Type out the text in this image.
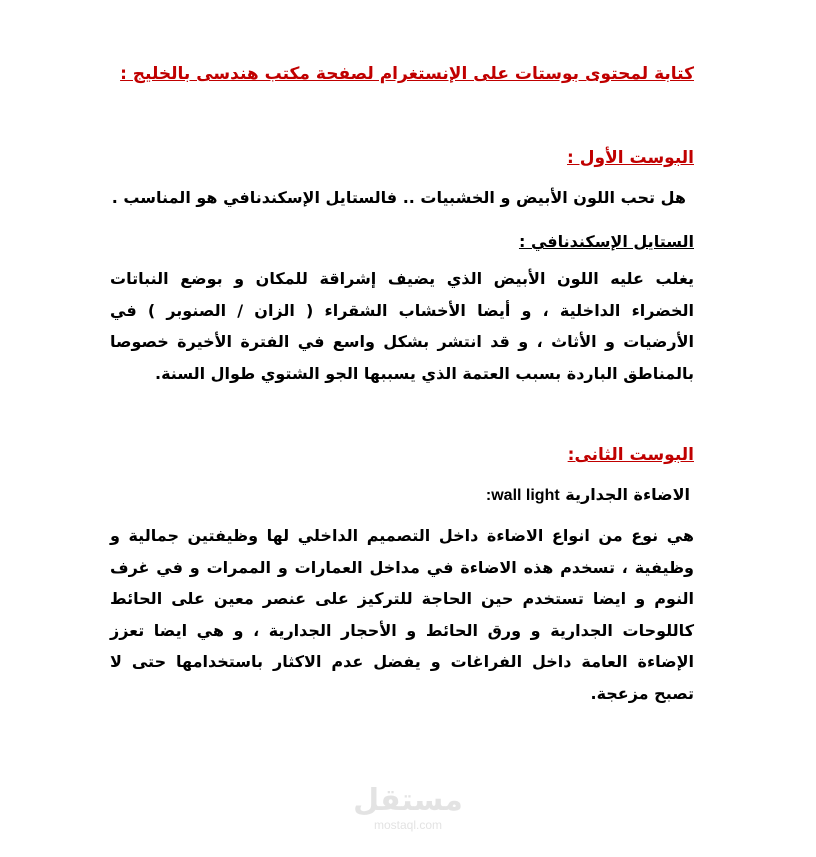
كتابة لمحتوى بوستات على الإنستغرام لصفحة مكتب هندسى بالخليج :
البوست الأول :
هل تحب اللون الأبيض و الخشبيات .. فالستايل الإسكندنافي هو المناسب .
الستايل الإسكندنافي :
يغلب عليه اللون الأبيض الذي يضيف إشراقة للمكان و بوضع النباتات الخضراء الداخلية ، و أيضا الأخشاب الشقراء ( الزان / الصنوبر ) في الأرضيات و الأثاث ، و قد انتشر بشكل واسع في الفترة الأخيرة خصوصا بالمناطق الباردة بسبب العتمة الذي يسببها الجو الشتوي طوال السنة.
البوست الثانى:
الاضاءة الجدارية wall light:
هي نوع من انواع الاضاءة داخل التصميم الداخلي لها وظيفتين جمالية و وظيفية ، تسخدم هذه الاضاءة في مداخل العمارات و الممرات و في غرف النوم و ايضا تستخدم حين الحاجة للتركيز على عنصر معين على الحائط كاللوحات الجدارية و ورق الحائط و الأحجار الجدارية ، و هي ايضا تعزز الإضاءة العامة داخل الفراغات و يفضل عدم الاكثار باستخدامها حتى لا تصبح مزعجة.
مستقل
mostaql.com
